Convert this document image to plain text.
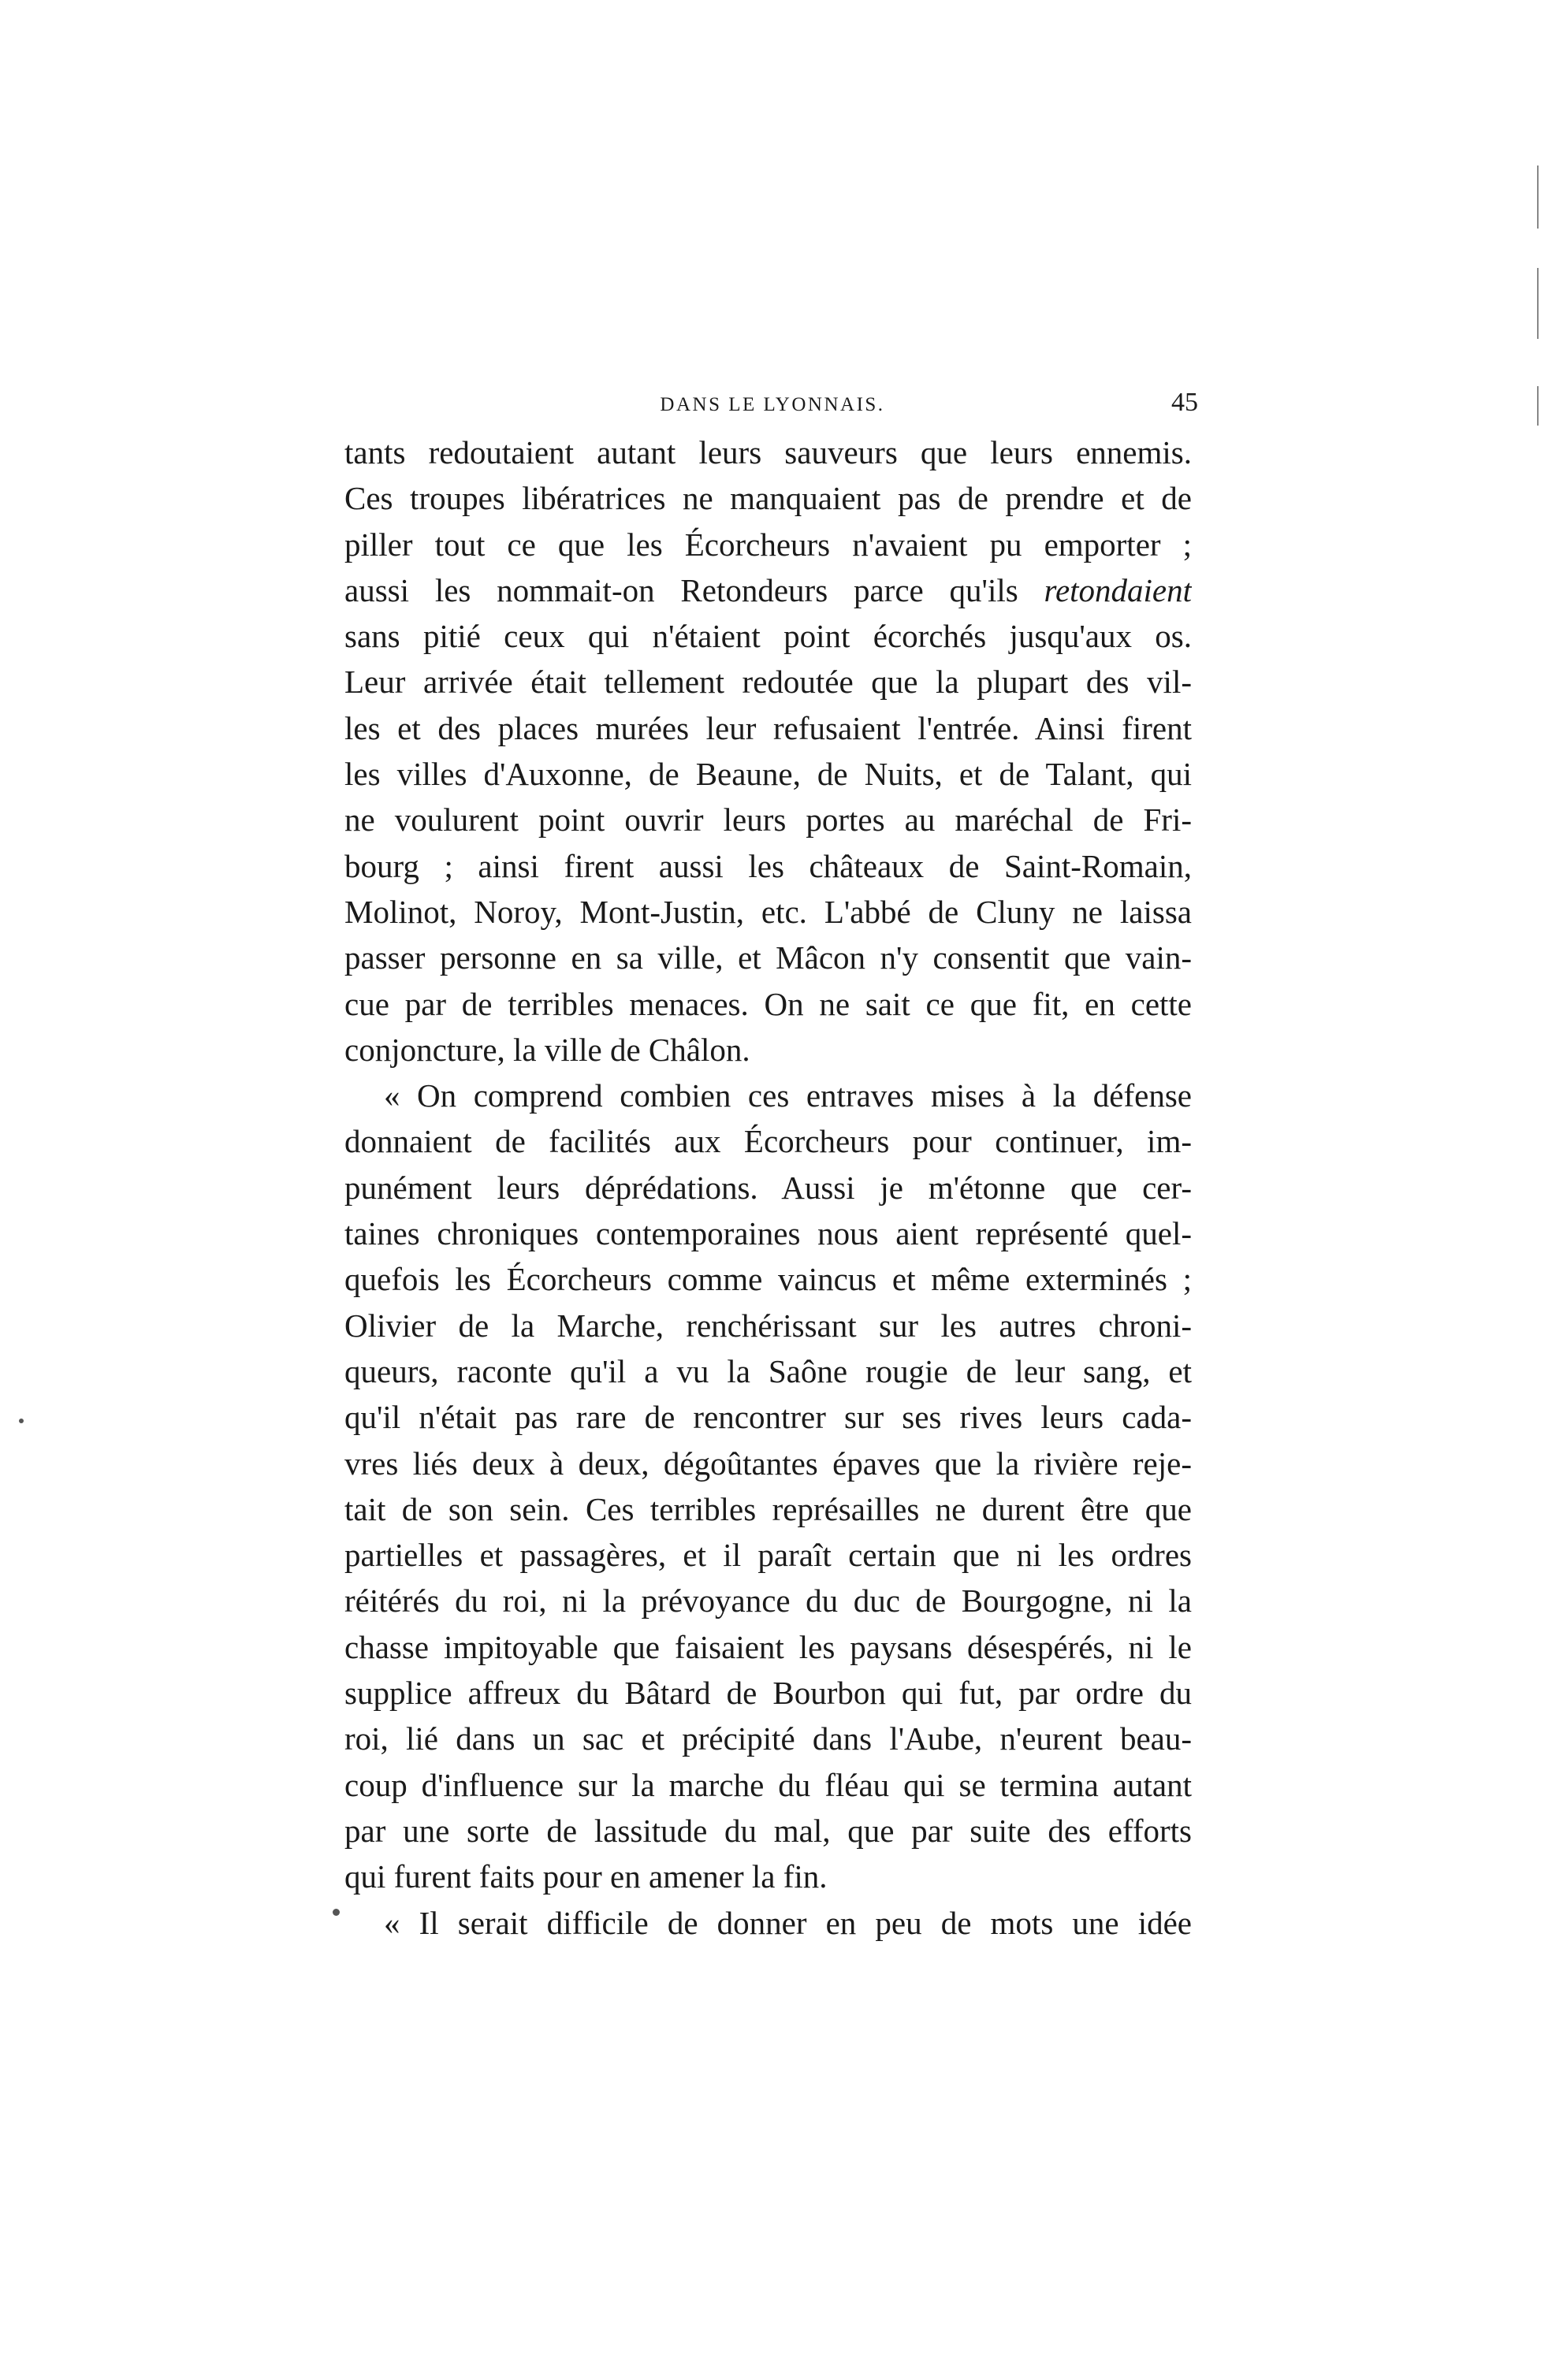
DANS LE LYONNAIS.	45
tants redoutaient autant leurs sauveurs que leurs ennemis.
Ces troupes libératrices ne manquaient pas de prendre et de
piller tout ce que les Écorcheurs n'avaient pu emporter ;
aussi les nommait-on Retondeurs parce qu'ils retondaient
sans pitié ceux qui n'étaient point écorchés jusqu'aux os.
Leur arrivée était tellement redoutée que la plupart des vil-
les et des places murées leur refusaient l'entrée. Ainsi firent
les villes d'Auxonne, de Beaune, de Nuits, et de Talant, qui
ne voulurent point ouvrir leurs portes au maréchal de Fri-
bourg ; ainsi firent aussi les châteaux de Saint-Romain,
Molinot, Noroy, Mont-Justin, etc. L'abbé de Cluny ne laissa
passer personne en sa ville, et Mâcon n'y consentit que vain-
cue par de terribles menaces. On ne sait ce que fit, en cette
conjoncture, la ville de Châlon.
« On comprend combien ces entraves mises à la défense
donnaient de facilités aux Écorcheurs pour continuer, im-
punément leurs déprédations. Aussi je m'étonne que cer-
taines chroniques contemporaines nous aient représenté quel-
quefois les Écorcheurs comme vaincus et même exterminés ;
Olivier de la Marche, renchérissant sur les autres chroni-
queurs, raconte qu'il a vu la Saône rougie de leur sang, et
qu'il n'était pas rare de rencontrer sur ses rives leurs cada-
vres liés deux à deux, dégoûtantes épaves que la rivière reje-
tait de son sein. Ces terribles représailles ne durent être que
partielles et passagères, et il paraît certain que ni les ordres
réitérés du roi, ni la prévoyance du duc de Bourgogne, ni la
chasse impitoyable que faisaient les paysans désespérés, ni le
supplice affreux du Bâtard de Bourbon qui fut, par ordre du
roi, lié dans un sac et précipité dans l'Aube, n'eurent beau-
coup d'influence sur la marche du fléau qui se termina autant
par une sorte de lassitude du mal, que par suite des efforts
qui furent faits pour en amener la fin.
« Il serait difficile de donner en peu de mots une idée
